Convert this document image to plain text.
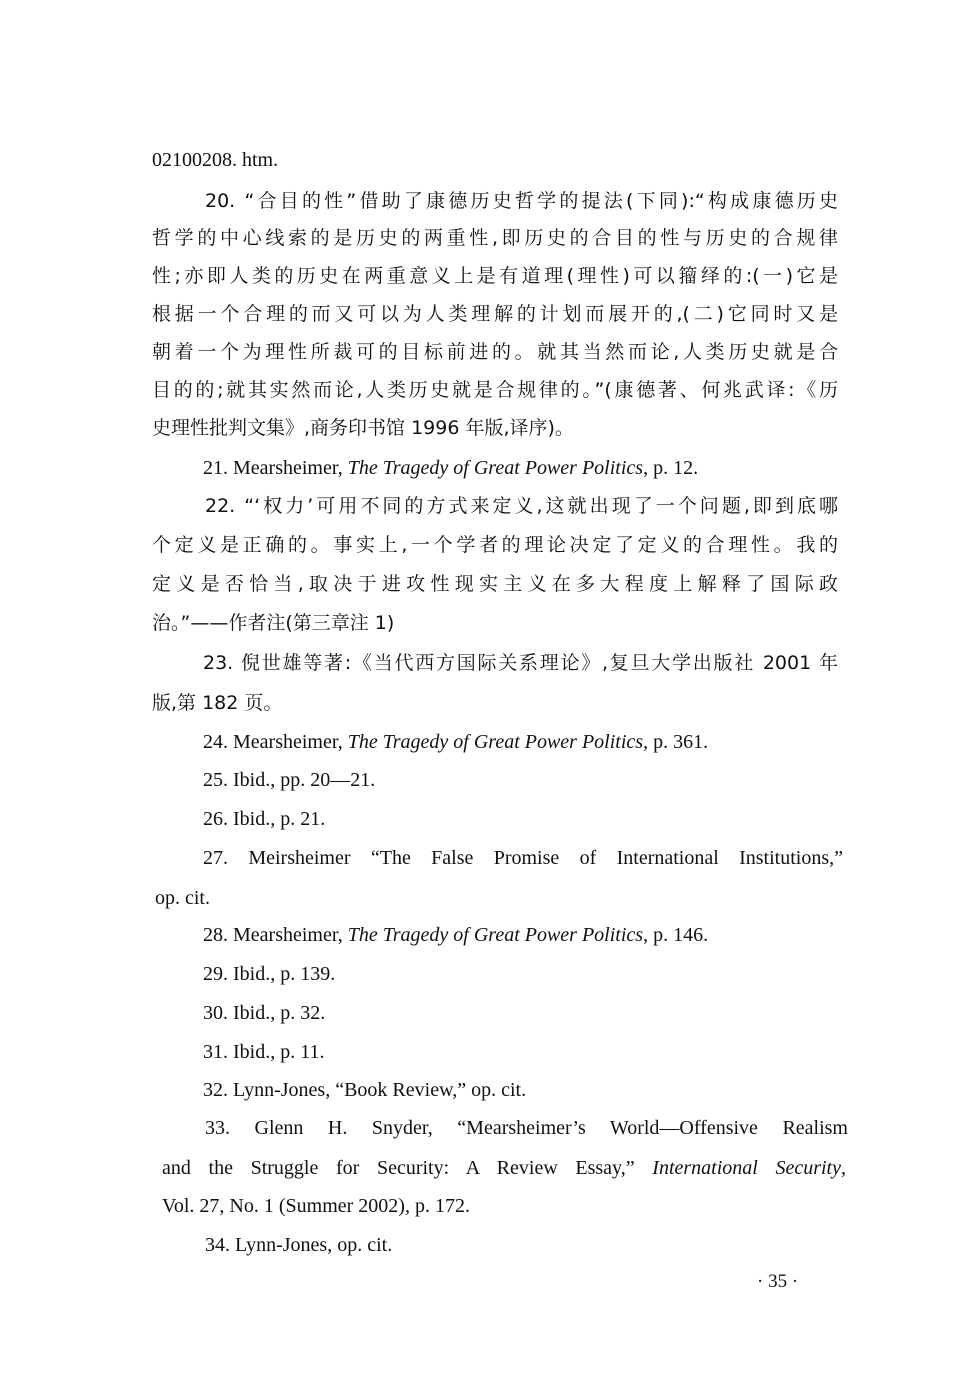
02100208. htm.
20. “合目的性”借助了康德历史哲学的提法(下同):“构成康德历史
哲学的中心线索的是历史的两重性,即历史的合目的性与历史的合规律
性;亦即人类的历史在两重意义上是有道理(理性)可以籀绎的:(一)它是
根据一个合理的而又可以为人类理解的计划而展开的,(二)它同时又是
朝着一个为理性所裁可的目标前进的。就其当然而论,人类历史就是合
目的的;就其实然而论,人类历史就是合规律的。”(康德著、何兆武译:《历
史理性批判文集》,商务印书馆 1996 年版,译序)。
21. Mearsheimer, The Tragedy of Great Power Politics, p. 12.
22. “‘权力’可用不同的方式来定义,这就出现了一个问题,即到底哪
个定义是正确的。事实上,一个学者的理论决定了定义的合理性。我的
定义是否恰当,取决于进攻性现实主义在多大程度上解释了国际政
治。”——作者注(第三章注 1)
23. 倪世雄等著:《当代西方国际关系理论》,复旦大学出版社 2001 年
版,第 182 页。
24. Mearsheimer, The Tragedy of Great Power Politics, p. 361.
25. Ibid., pp. 20—21.
26. Ibid., p. 21.
27. Meirsheimer “The False Promise of International Institutions,”
op. cit.
28. Mearsheimer, The Tragedy of Great Power Politics, p. 146.
29. Ibid., p. 139.
30. Ibid., p. 32.
31. Ibid., p. 11.
32. Lynn-Jones, “Book Review,” op. cit.
33. Glenn H. Snyder, “Mearsheimer’s World—Offensive Realism
and the Struggle for Security: A Review Essay,” International Security,
Vol. 27, No. 1 (Summer 2002), p. 172.
34. Lynn-Jones, op. cit.
· 35 ·
